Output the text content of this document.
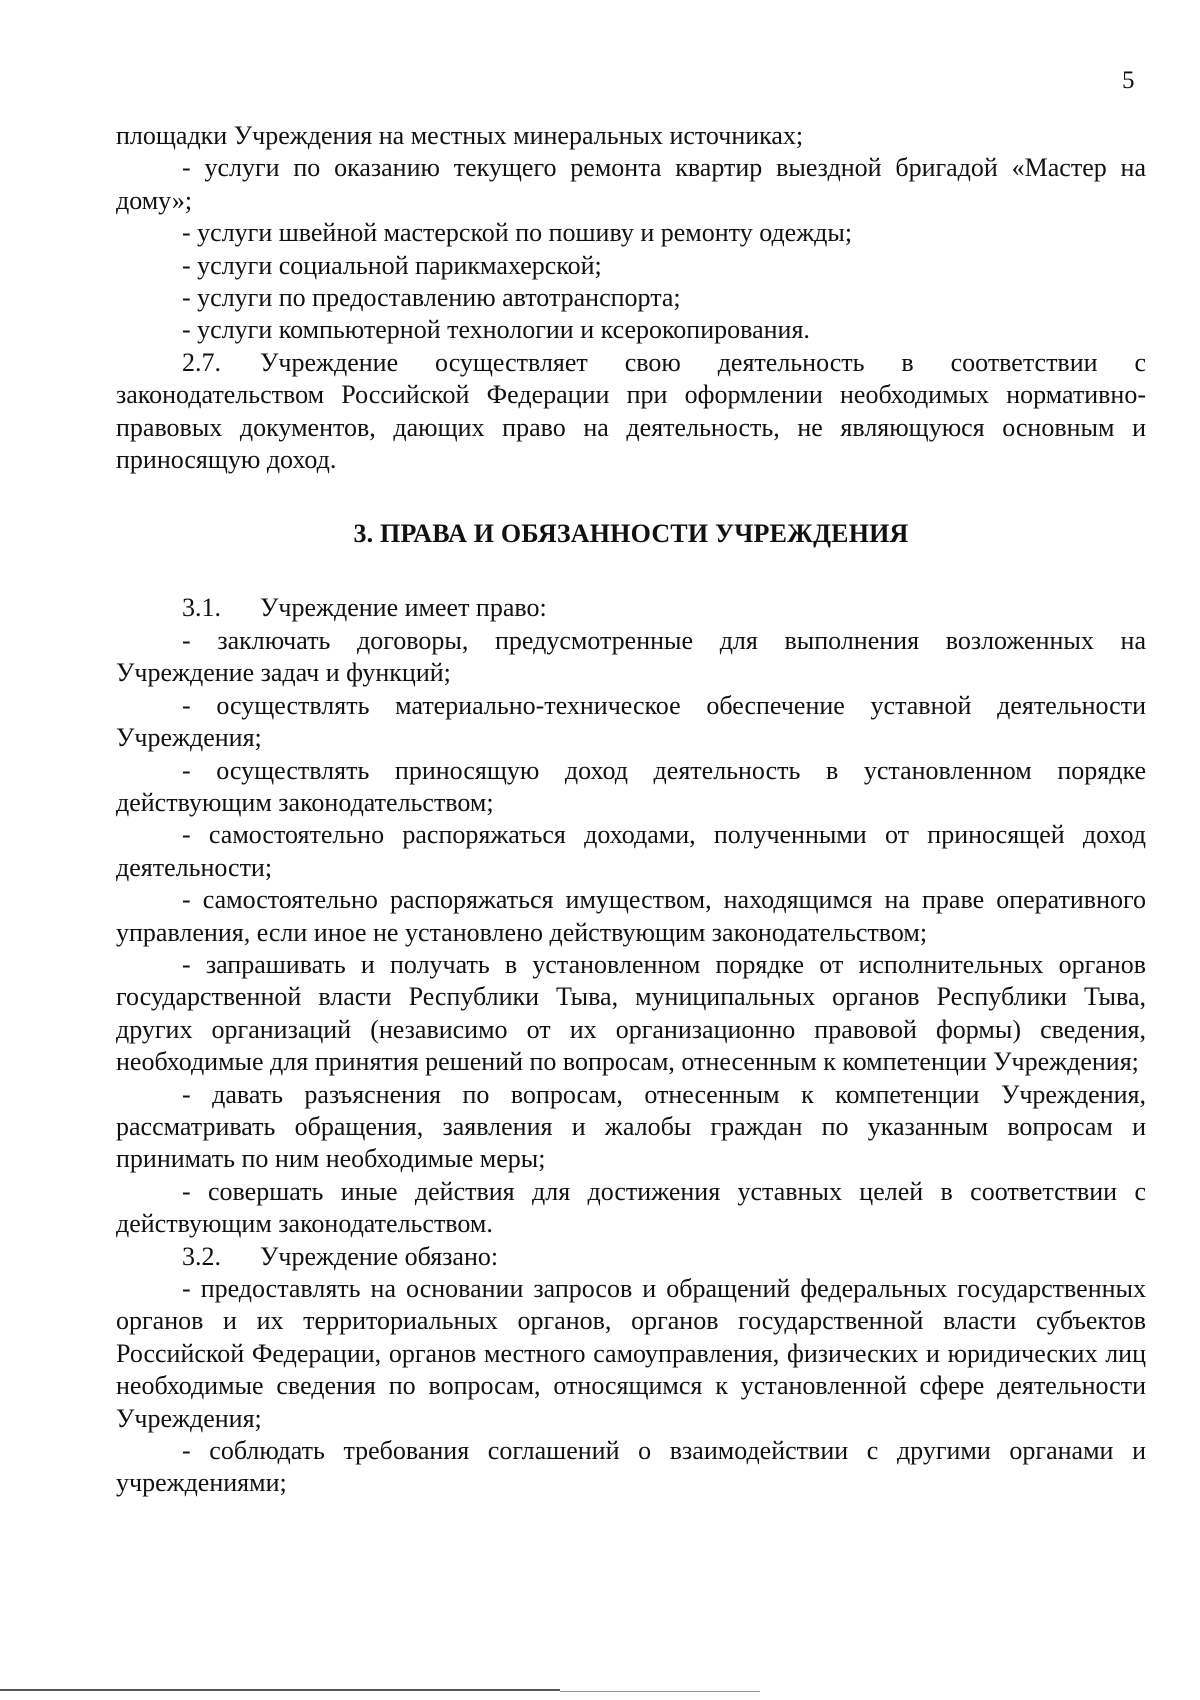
5

площадки Учреждения на местных минеральных источниках;

- услуги по оказанию текущего ремонта квартир выездной бригадой «Мастер на дому»;

- услуги швейной мастерской по пошиву и ремонту одежды;

- услуги социальной парикмахерской;

- услуги по предоставлению автотранспорта;

- услуги компьютерной технологии и ксерокопирования.

2.7. Учреждение осуществляет свою деятельность в соответствии с законодательством Российской Федерации при оформлении необходимых нормативно-правовых документов, дающих право на деятельность, не являющуюся основным и приносящую доход.

3. ПРАВА И ОБЯЗАННОСТИ УЧРЕЖДЕНИЯ

3.1. Учреждение имеет право:

- заключать договоры, предусмотренные для выполнения возложенных на Учреждение задач и функций;

- осуществлять материально-техническое обеспечение уставной деятельности Учреждения;

- осуществлять приносящую доход деятельность в установленном порядке действующим законодательством;

- самостоятельно распоряжаться доходами, полученными от приносящей доход деятельности;

- самостоятельно распоряжаться имуществом, находящимся на праве оперативного управления, если иное не установлено действующим законодательством;

- запрашивать и получать в установленном порядке от исполнительных органов государственной власти Республики Тыва, муниципальных органов Республики Тыва, других организаций (независимо от их организационно правовой формы) сведения, необходимые для принятия решений по вопросам, отнесенным к компетенции Учреждения;

- давать разъяснения по вопросам, отнесенным к компетенции Учреждения, рассматривать обращения, заявления и жалобы граждан по указанным вопросам и принимать по ним необходимые меры;

- совершать иные действия для достижения уставных целей в соответствии с действующим законодательством.

3.2. Учреждение обязано:

- предоставлять на основании запросов и обращений федеральных государственных органов и их территориальных органов, органов государственной власти субъектов Российской Федерации, органов местного самоуправления, физических и юридических лиц необходимые сведения по вопросам, относящимся к установленной сфере деятельности Учреждения;

- соблюдать требования соглашений о взаимодействии с другими органами и учреждениями;
